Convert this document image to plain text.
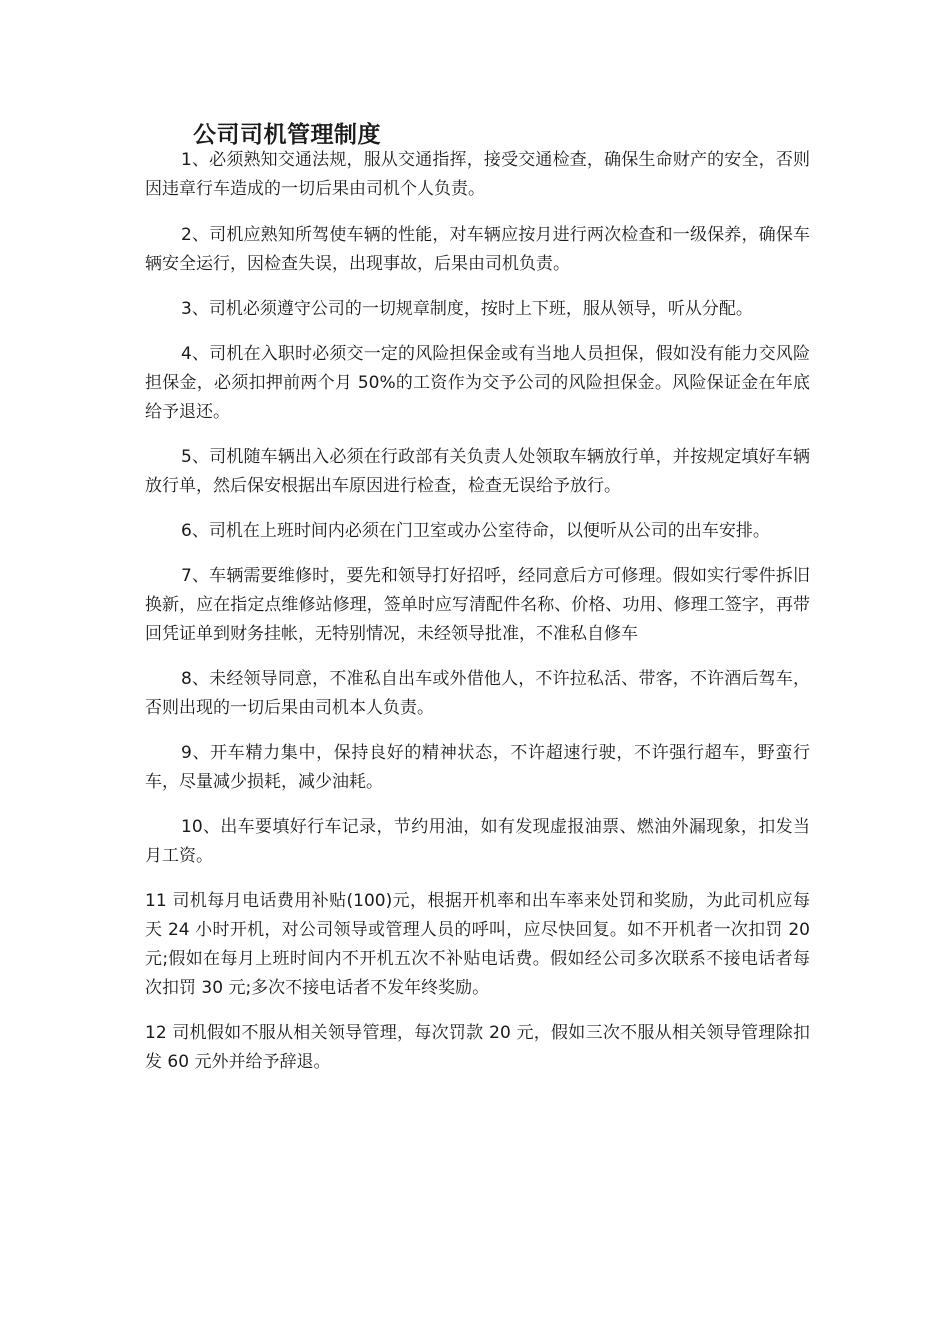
公司司机管理制度

1、必须熟知交通法规，服从交通指挥，接受交通检查，确保生命财产的安全，否则因违章行车造成的一切后果由司机个人负责。

2、司机应熟知所驾使车辆的性能，对车辆应按月进行两次检查和一级保养，确保车辆安全运行，因检查失误，出现事故，后果由司机负责。

3、司机必须遵守公司的一切规章制度，按时上下班，服从领导，听从分配。

4、司机在入职时必须交一定的风险担保金或有当地人员担保，假如没有能力交风险担保金，必须扣押前两个月 50%的工资作为交予公司的风险担保金。风险保证金在年底给予退还。

5、司机随车辆出入必须在行政部有关负责人处领取车辆放行单，并按规定填好车辆放行单，然后保安根据出车原因进行检查，检查无误给予放行。

6、司机在上班时间内必须在门卫室或办公室待命，以便听从公司的出车安排。

7、车辆需要维修时，要先和领导打好招呼，经同意后方可修理。假如实行零件拆旧换新，应在指定点维修站修理，签单时应写清配件名称、价格、功用、修理工签字，再带回凭证单到财务挂帐，无特别情况，未经领导批准，不准私自修车

8、未经领导同意，不准私自出车或外借他人，不许拉私活、带客，不许酒后驾车，否则出现的一切后果由司机本人负责。

9、开车精力集中，保持良好的精神状态，不许超速行驶，不许强行超车，野蛮行车，尽量减少损耗，减少油耗。

10、出车要填好行车记录，节约用油，如有发现虚报油票、燃油外漏现象，扣发当月工资。

11 司机每月电话费用补贴(100)元，根据开机率和出车率来处罚和奖励，为此司机应每天 24 小时开机，对公司领导或管理人员的呼叫，应尽快回复。如不开机者一次扣罚 20 元;假如在每月上班时间内不开机五次不补贴电话费。假如经公司多次联系不接电话者每次扣罚 30 元;多次不接电话者不发年终奖励。

12 司机假如不服从相关领导管理，每次罚款 20 元，假如三次不服从相关领导管理除扣发 60 元外并给予辞退。
